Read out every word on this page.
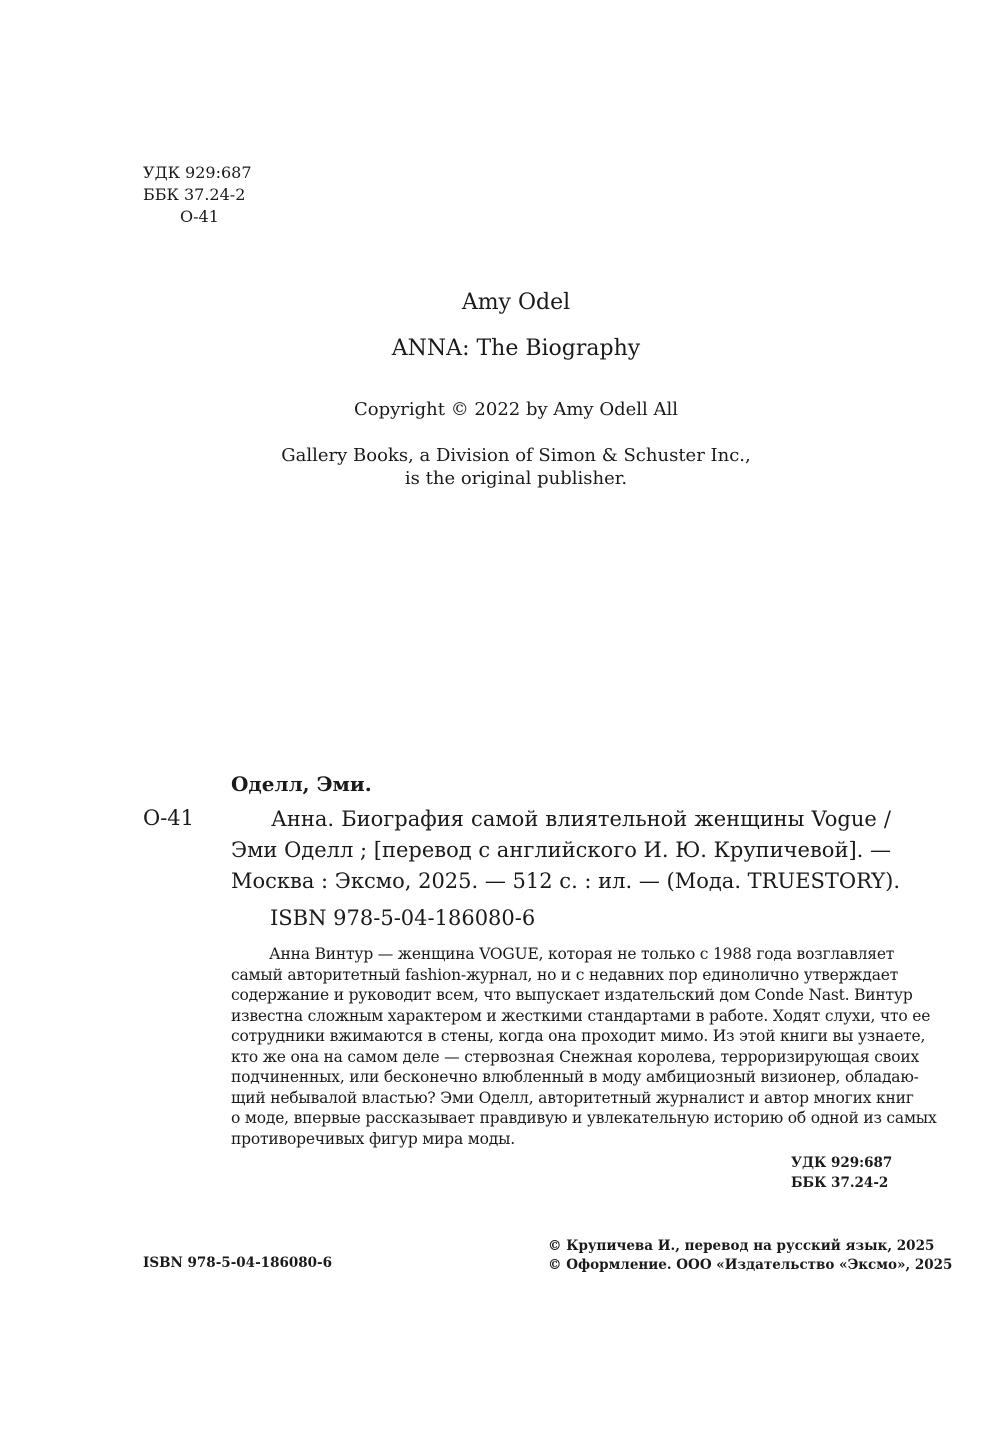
УДК 929:687
ББК 37.24-2
О-41
Amy Odel
ANNA: The Biography
Copyright © 2022 by Amy Odell All
Gallery Books, a Division of Simon & Schuster Inc.,
is the original publisher.
Оделл, Эми.
О-41	Анна. Биография самой влиятельной женщины Vogue /
Эми Оделл ; [перевод с английского И. Ю. Крупичевой]. —
Москва : Эксмо, 2025. — 512 с. : ил. — (Мода. TRUESTORY).
ISBN 978-5-04-186080-6
Анна Винтур — женщина VOGUE, которая не только с 1988 года возглавляет
самый авторитетный fashion-журнал, но и с недавних пор единолично утверждает
содержание и руководит всем, что выпускает издательский дом Conde Nast. Винтур
известна сложным характером и жесткими стандартами в работе. Ходят слухи, что ее
сотрудники вжимаются в стены, когда она проходит мимо. Из этой книги вы узнаете,
кто же она на самом деле — стервозная Снежная королева, терроризирующая своих
подчиненных, или бесконечно влюбленный в моду амбициозный визионер, обладаю-
щий небывалой властью? Эми Оделл, авторитетный журналист и автор многих книг
о моде, впервые рассказывает правдивую и увлекательную историю об одной из самых
противоречивых фигур мира моды.
УДК 929:687
ББК 37.24-2
ISBN 978-5-04-186080-6
© Крупичева И., перевод на русский язык, 2025
© Оформление. ООО «Издательство «Эксмо», 2025
